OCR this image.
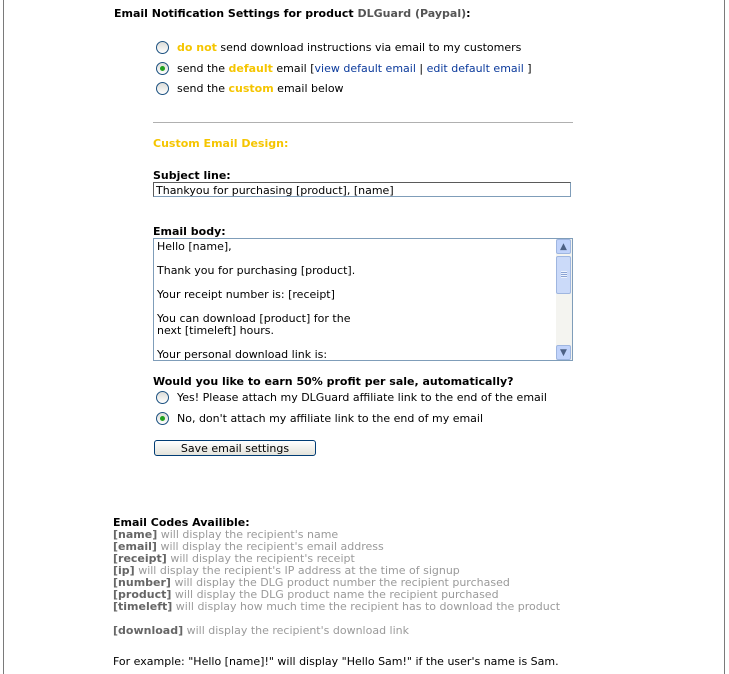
Email Notification Settings for product DLGuard (Paypal):
do not send download instructions via email to my customers
send the default email [ view default email | edit default email ]
send the custom email below
Custom Email Design:
Subject line:
Thankyou for purchasing [product], [name]
Email body:
Hello [name],

Thank you for purchasing [product].

Your receipt number is: [receipt]

You can download [product] for the
next [timeleft] hours.

Your personal download link is:
▲
▼
Would you like to earn 50% profit per sale, automatically?
Yes! Please attach my DLGuard affiliate link to the end of the email
No, don't attach my affiliate link to the end of my email
Save email settings
Email Codes Availible:
[name] will display the recipient's name
[email] will display the recipient's email address
[receipt] will display the recipient's receipt
[ip] will display the recipient's IP address at the time of signup
[number] will display the DLG product number the recipient purchased
[product] will display the DLG product name the recipient purchased
[timeleft] will display how much time the recipient has to download the product
[download] will display the recipient's download link
For example: "Hello [name]!" will display "Hello Sam!" if the user's name is Sam.
